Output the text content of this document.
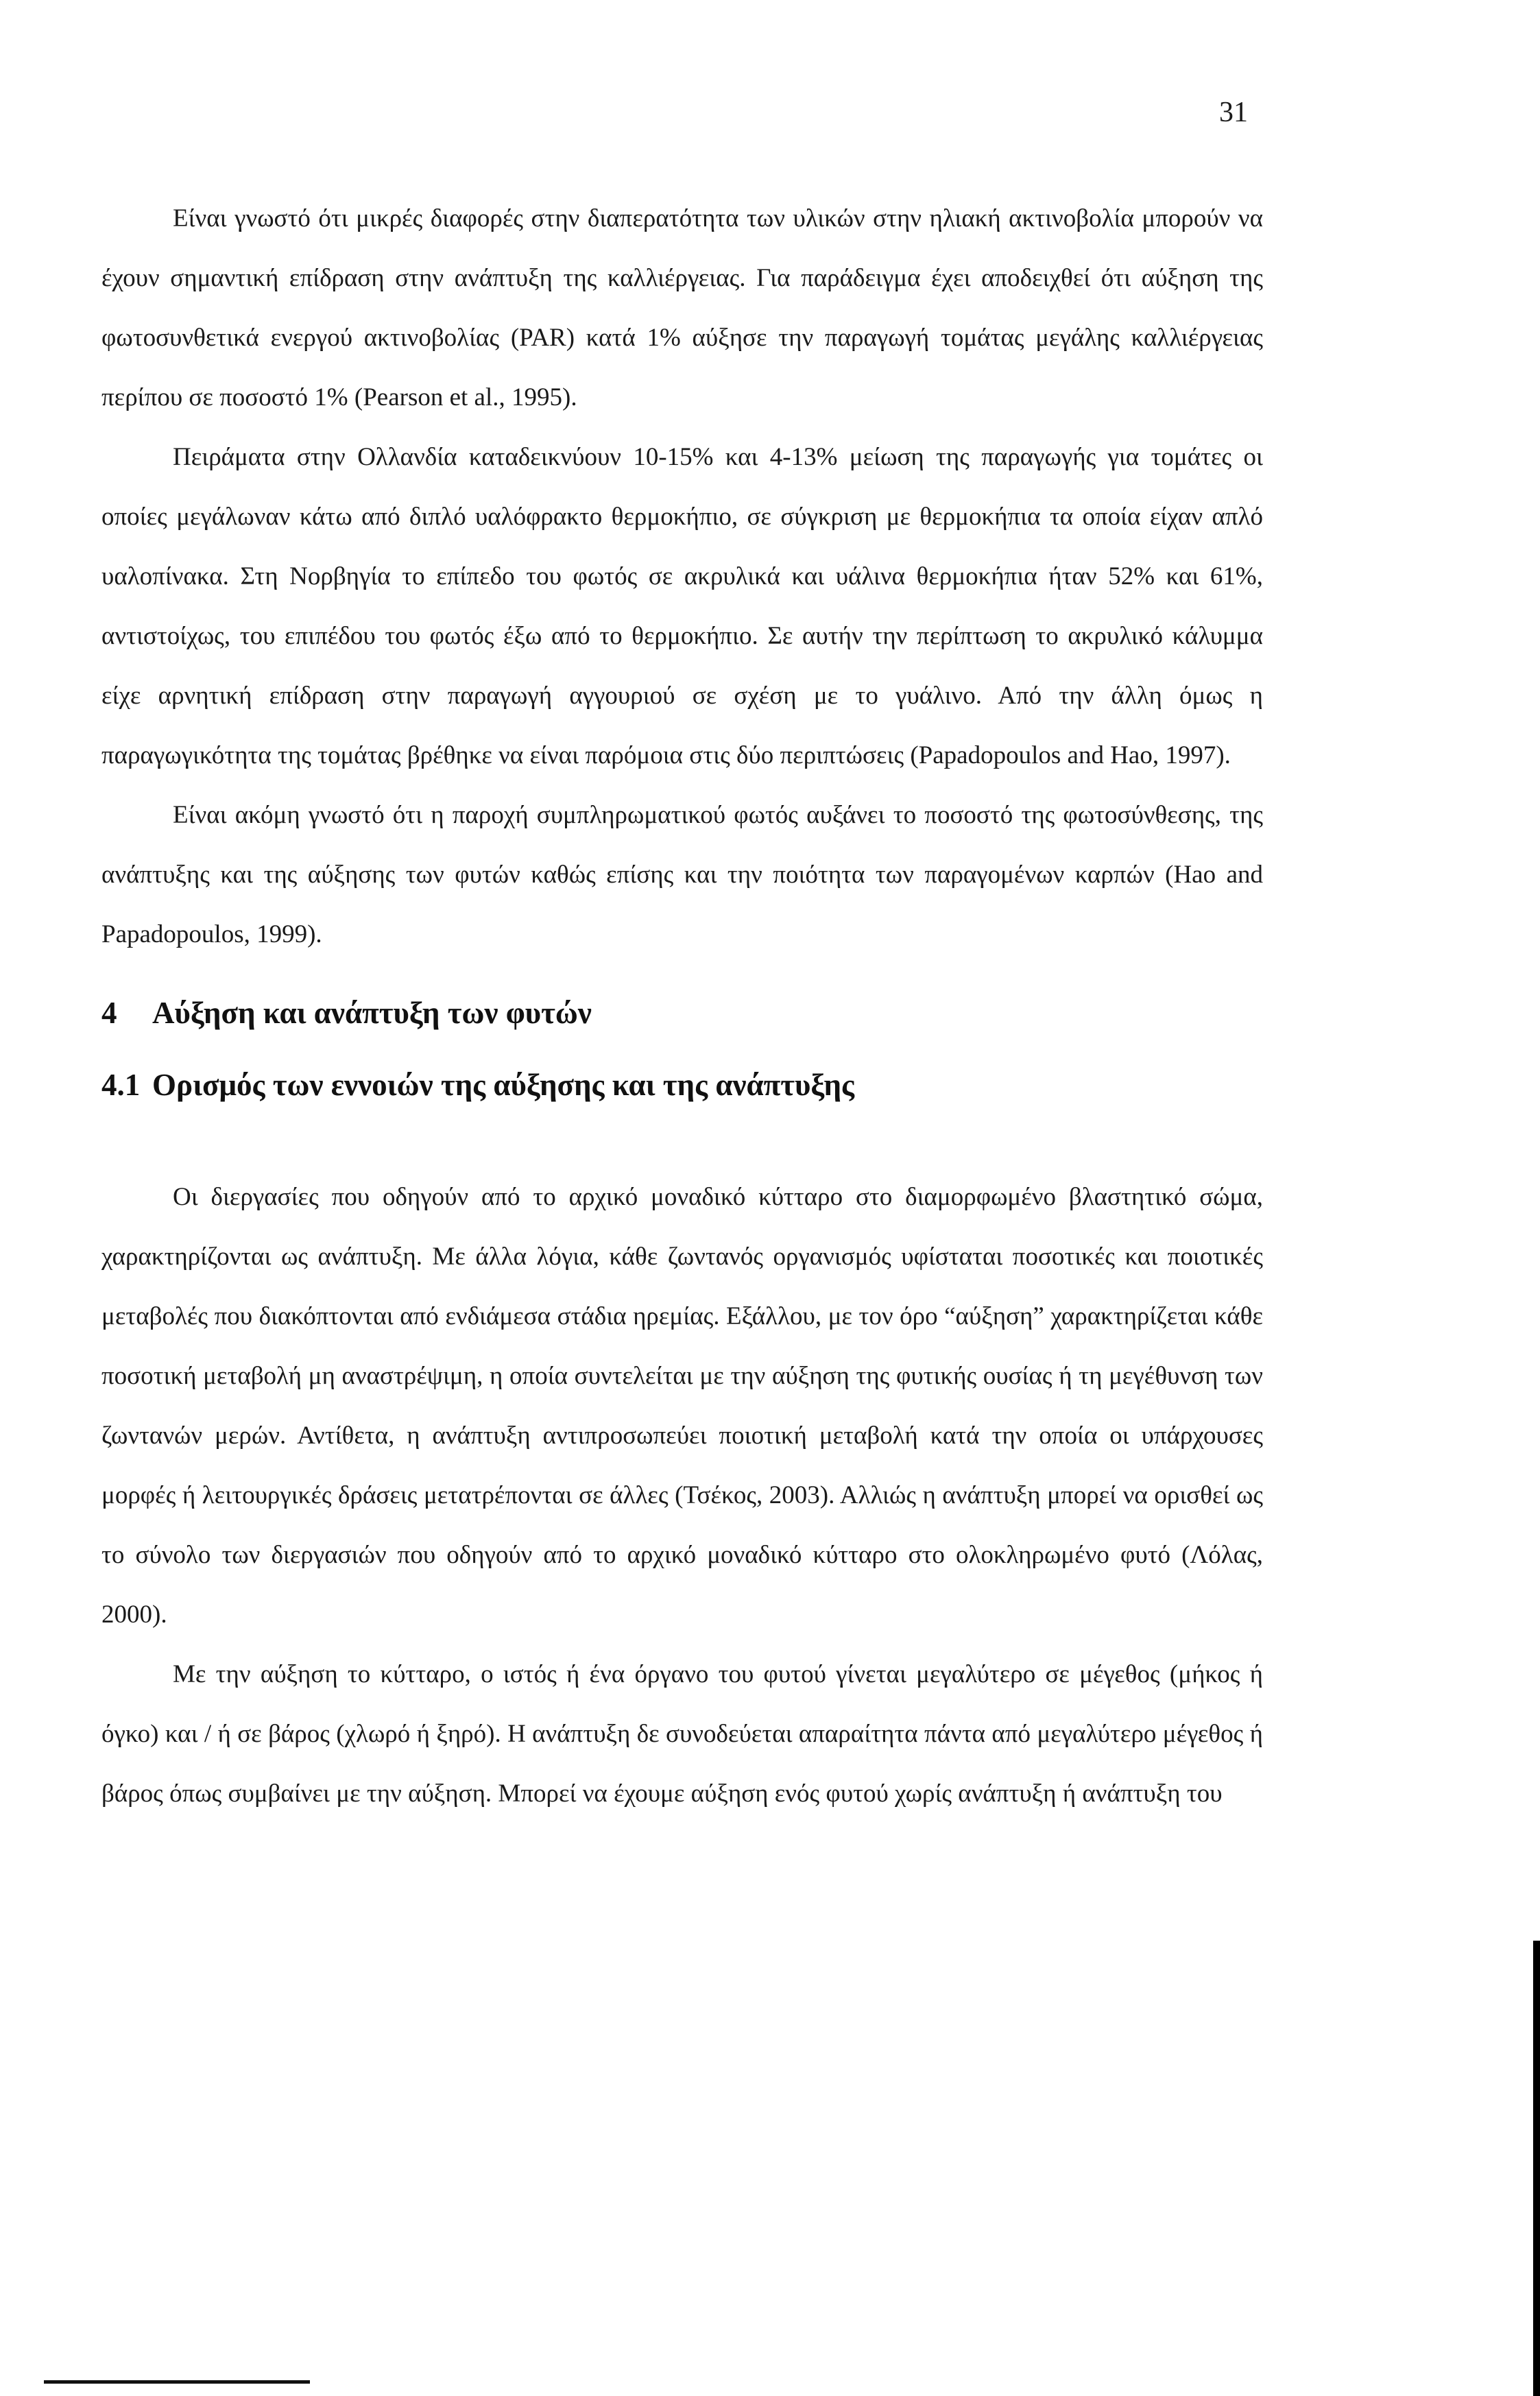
31

Είναι γνωστό ότι μικρές διαφορές στην διαπερατότητα των υλικών στην ηλιακή ακτινοβολία μπορούν να έχουν σημαντική επίδραση στην ανάπτυξη της καλλιέργειας. Για παράδειγμα έχει αποδειχθεί ότι αύξηση της φωτοσυνθετικά ενεργού ακτινοβολίας (PAR) κατά 1% αύξησε την παραγωγή τομάτας μεγάλης καλλιέργειας περίπου σε ποσοστό 1% (Pearson et al., 1995).

Πειράματα στην Ολλανδία καταδεικνύουν 10-15% και 4-13% μείωση της παραγωγής για τομάτες οι οποίες μεγάλωναν κάτω από διπλό υαλόφρακτο θερμοκήπιο, σε σύγκριση με θερμοκήπια τα οποία είχαν απλό υαλοπίνακα. Στη Νορβηγία το επίπεδο του φωτός σε ακρυλικά και υάλινα θερμοκήπια ήταν 52% και 61%, αντιστοίχως, του επιπέδου του φωτός έξω από το θερμοκήπιο. Σε αυτήν την περίπτωση το ακρυλικό κάλυμμα είχε αρνητική επίδραση στην παραγωγή αγγουριού σε σχέση με το γυάλινο. Από την άλλη όμως η παραγωγικότητα της τομάτας βρέθηκε να είναι παρόμοια στις δύο περιπτώσεις (Papadopoulos and Hao, 1997).

Είναι ακόμη γνωστό ότι η παροχή συμπληρωματικού φωτός αυξάνει το ποσοστό της φωτοσύνθεσης, της ανάπτυξης και της αύξησης των φυτών καθώς επίσης και την ποιότητα των παραγομένων καρπών (Hao and Papadopoulos, 1999).

4 Αύξηση και ανάπτυξη των φυτών
4.1 Ορισμός των εννοιών της αύξησης και της ανάπτυξης

Οι διεργασίες που οδηγούν από το αρχικό μοναδικό κύτταρο στο διαμορφωμένο βλαστητικό σώμα, χαρακτηρίζονται ως ανάπτυξη. Με άλλα λόγια, κάθε ζωντανός οργανισμός υφίσταται ποσοτικές και ποιοτικές μεταβολές που διακόπτονται από ενδιάμεσα στάδια ηρεμίας. Εξάλλου, με τον όρο “αύξηση” χαρακτηρίζεται κάθε ποσοτική μεταβολή μη αναστρέψιμη, η οποία συντελείται με την αύξηση της φυτικής ουσίας ή τη μεγέθυνση των ζωντανών μερών. Αντίθετα, η ανάπτυξη αντιπροσωπεύει ποιοτική μεταβολή κατά την οποία οι υπάρχουσες μορφές ή λειτουργικές δράσεις μετατρέπονται σε άλλες (Τσέκος, 2003). Αλλιώς η ανάπτυξη μπορεί να ορισθεί ως το σύνολο των διεργασιών που οδηγούν από το αρχικό μοναδικό κύτταρο στο ολοκληρωμένο φυτό (Λόλας, 2000).

Με την αύξηση το κύτταρο, ο ιστός ή ένα όργανο του φυτού γίνεται μεγαλύτερο σε μέγεθος (μήκος ή όγκο) και / ή σε βάρος (χλωρό ή ξηρό). Η ανάπτυξη δε συνοδεύεται απαραίτητα πάντα από μεγαλύτερο μέγεθος ή βάρος όπως συμβαίνει με την αύξηση. Μπορεί να έχουμε αύξηση ενός φυτού χωρίς ανάπτυξη ή ανάπτυξη του
